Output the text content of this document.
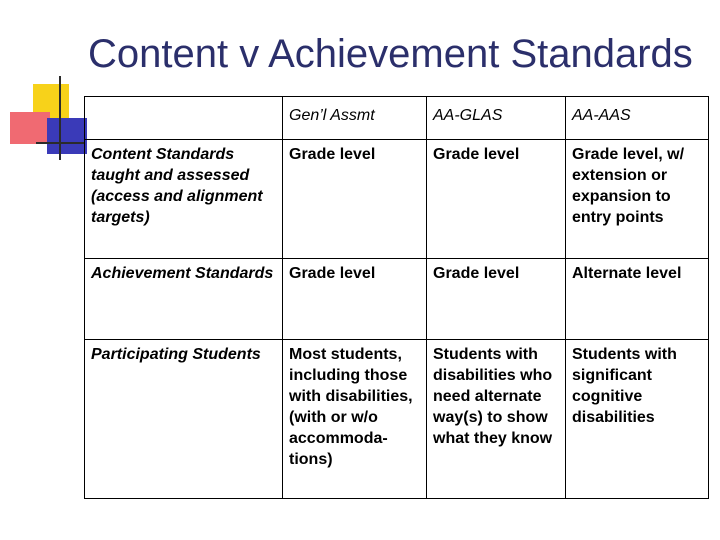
Content v Achievement Standards
	Gen’l Assmt	AA-GLAS	AA-AAS
Content Standards taught and assessed (access and alignment targets)	Grade level	Grade level	Grade level, w/ extension or expansion to entry points
Achievement Standards	Grade level	Grade level	Alternate level
Participating Students	Most students, including those with disabilities, (with or w/o accommoda-tions)	Students with disabilities who need alternate way(s) to show what they know	Students with significant cognitive disabilities
